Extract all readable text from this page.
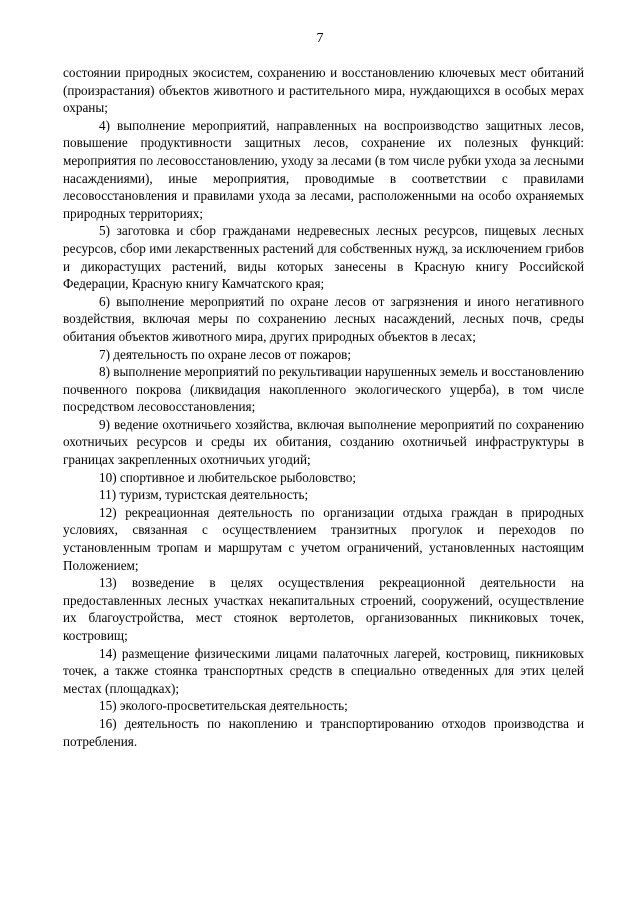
7

состоянии природных экосистем, сохранению и восстановлению ключевых мест обитаний (произрастания) объектов животного и растительного мира, нуждающихся в особых мерах охраны;

4) выполнение мероприятий, направленных на воспроизводство защитных лесов, повышение продуктивности защитных лесов, сохранение их полезных функций: мероприятия по лесовосстановлению, уходу за лесами (в том числе рубки ухода за лесными насаждениями), иные мероприятия, проводимые в соответствии с правилами лесовосстановления и правилами ухода за лесами, расположенными на особо охраняемых природных территориях;

5) заготовка и сбор гражданами недревесных лесных ресурсов, пищевых лесных ресурсов, сбор ими лекарственных растений для собственных нужд, за исключением грибов и дикорастущих растений, виды которых занесены в Красную книгу Российской Федерации, Красную книгу Камчатского края;

6) выполнение мероприятий по охране лесов от загрязнения и иного негативного воздействия, включая меры по сохранению лесных насаждений, лесных почв, среды обитания объектов животного мира, других природных объектов в лесах;

7) деятельность по охране лесов от пожаров;

8) выполнение мероприятий по рекультивации нарушенных земель и восстановлению почвенного покрова (ликвидация накопленного экологического ущерба), в том числе посредством лесовосстановления;

9) ведение охотничьего хозяйства, включая выполнение мероприятий по сохранению охотничьих ресурсов и среды их обитания, созданию охотничьей инфраструктуры в границах закрепленных охотничьих угодий;

10) спортивное и любительское рыболовство;

11) туризм, туристская деятельность;

12) рекреационная деятельность по организации отдыха граждан в природных условиях, связанная с осуществлением транзитных прогулок и переходов по установленным тропам и маршрутам с учетом ограничений, установленных настоящим Положением;

13) возведение в целях осуществления рекреационной деятельности на предоставленных лесных участках некапитальных строений, сооружений, осуществление их благоустройства, мест стоянок вертолетов, организованных пикниковых точек, костровищ;

14) размещение физическими лицами палаточных лагерей, костровищ, пикниковых точек, а также стоянка транспортных средств в специально отведенных для этих целей местах (площадках);

15) эколого-просветительская деятельность;

16) деятельность по накоплению и транспортированию отходов производства и потребления.
